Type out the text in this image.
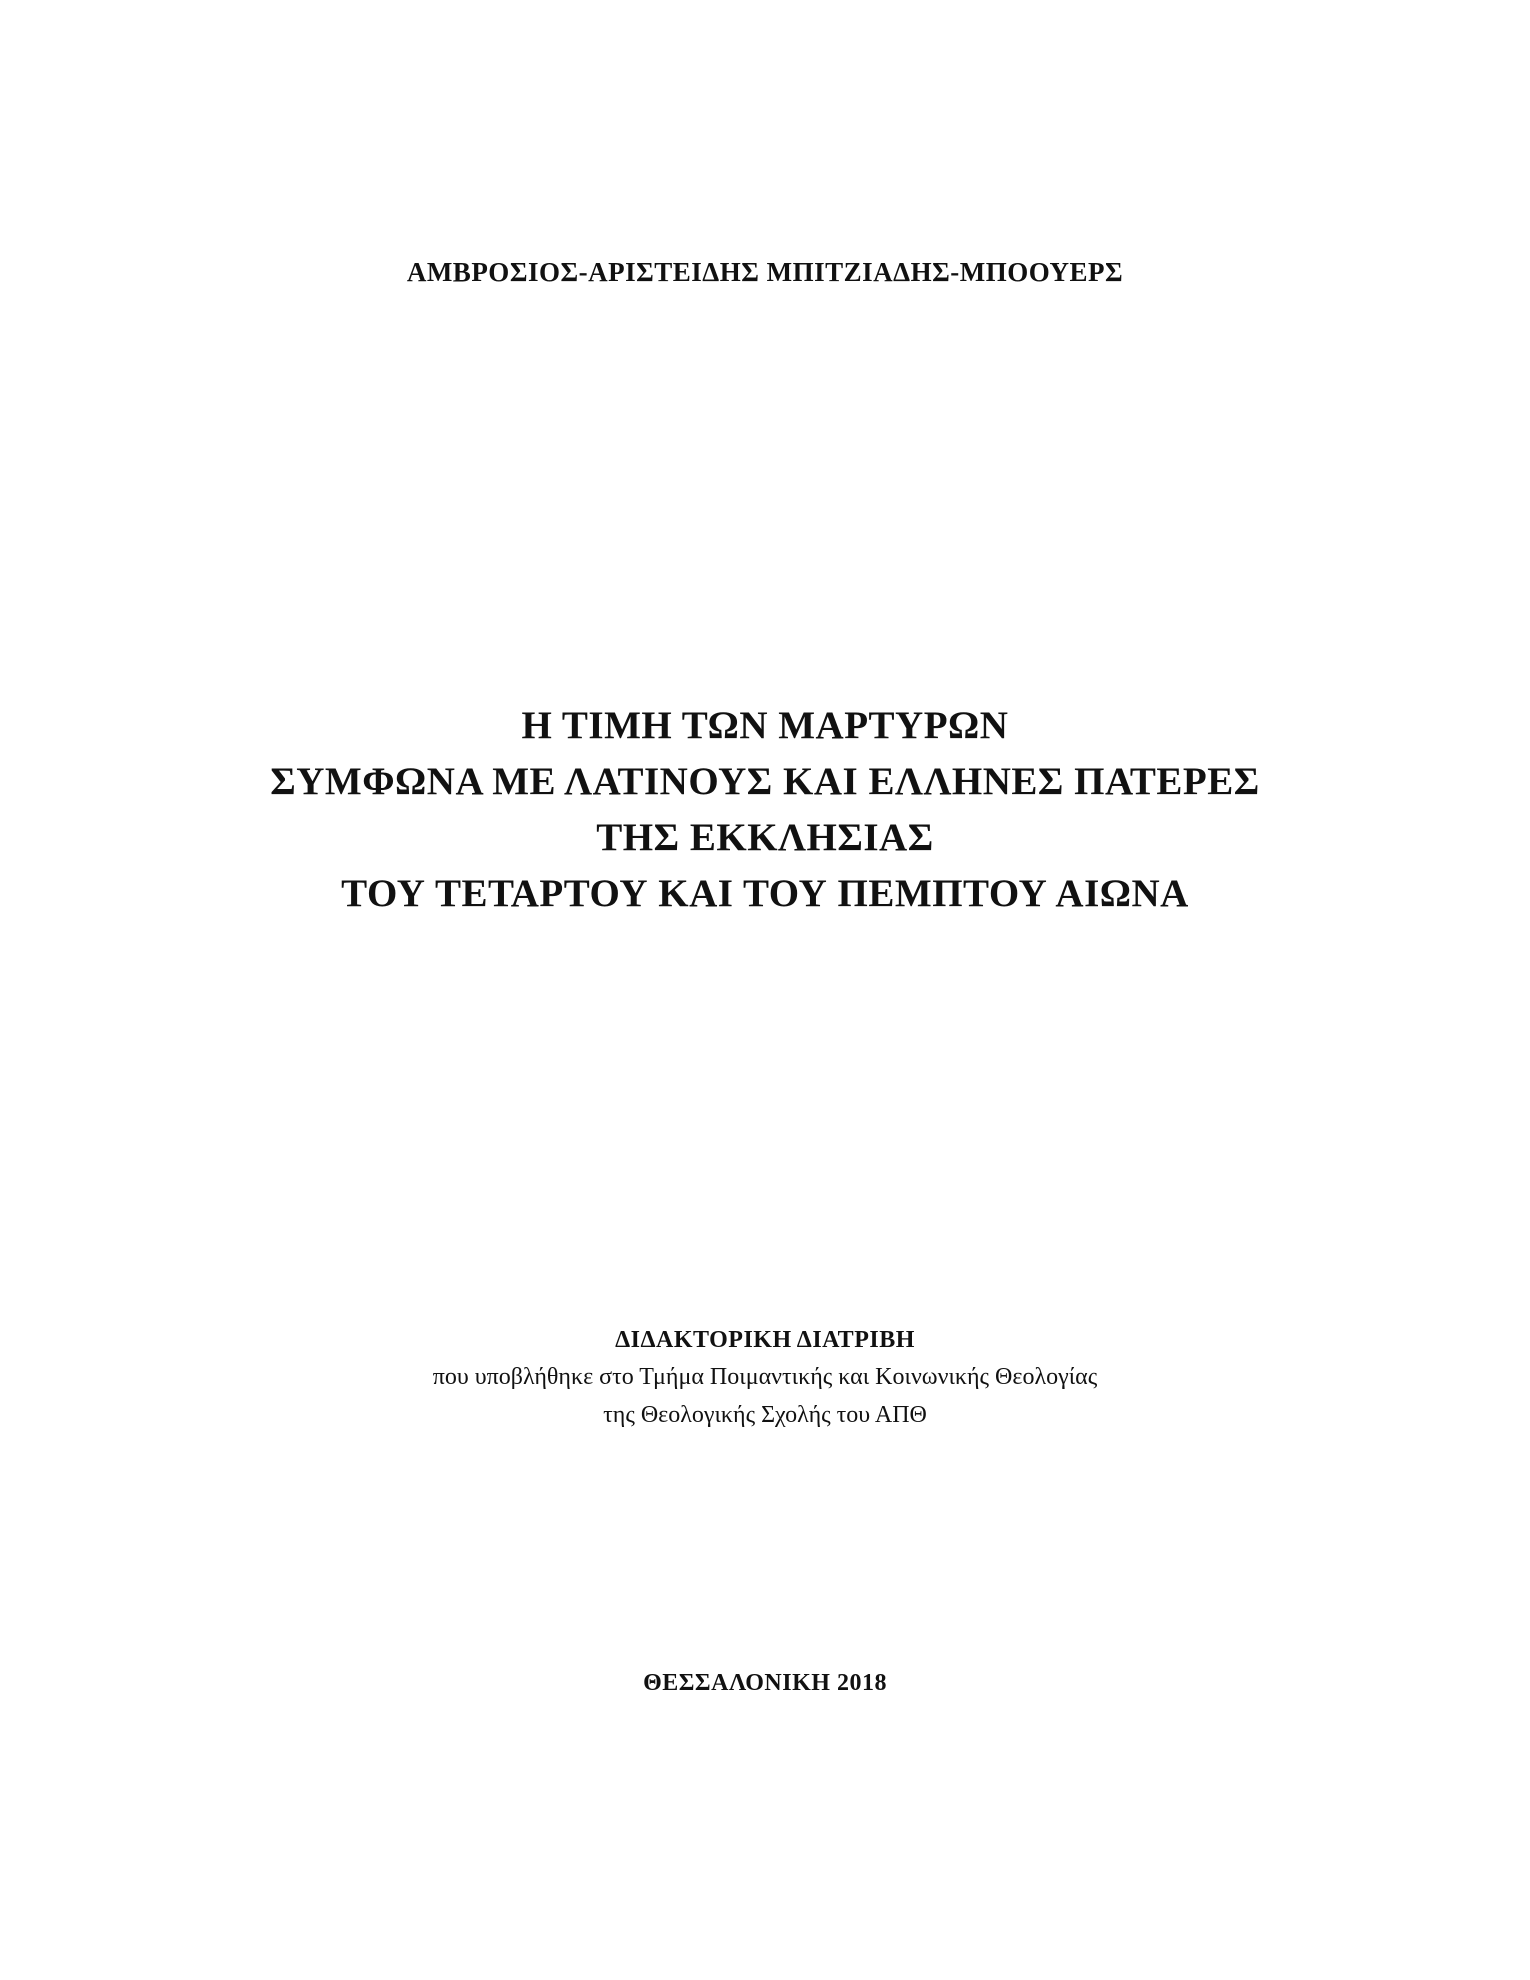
ΑΜΒΡΟΣΙΟΣ-ΑΡΙΣΤΕΙΔΗΣ ΜΠΙΤΖΙΑΔΗΣ-ΜΠΟΟΥΕΡΣ
Η ΤΙΜΗ ΤΩΝ ΜΑΡΤΥΡΩΝ
ΣΥΜΦΩΝΑ ΜΕ ΛΑΤΙΝΟΥΣ ΚΑΙ ΕΛΛΗΝΕΣ ΠΑΤΕΡΕΣ
ΤΗΣ ΕΚΚΛΗΣΙΑΣ
ΤΟΥ ΤΕΤΑΡΤΟΥ ΚΑΙ ΤΟΥ ΠΕΜΠΤΟΥ ΑΙΩΝΑ
ΔΙΔΑΚΤΟΡΙΚΗ ΔΙΑΤΡΙΒΗ
που υποβλήθηκε στο Τμήμα Ποιμαντικής και Κοινωνικής Θεολογίας
της Θεολογικής Σχολής του ΑΠΘ
ΘΕΣΣΑΛΟΝΙΚΗ 2018
